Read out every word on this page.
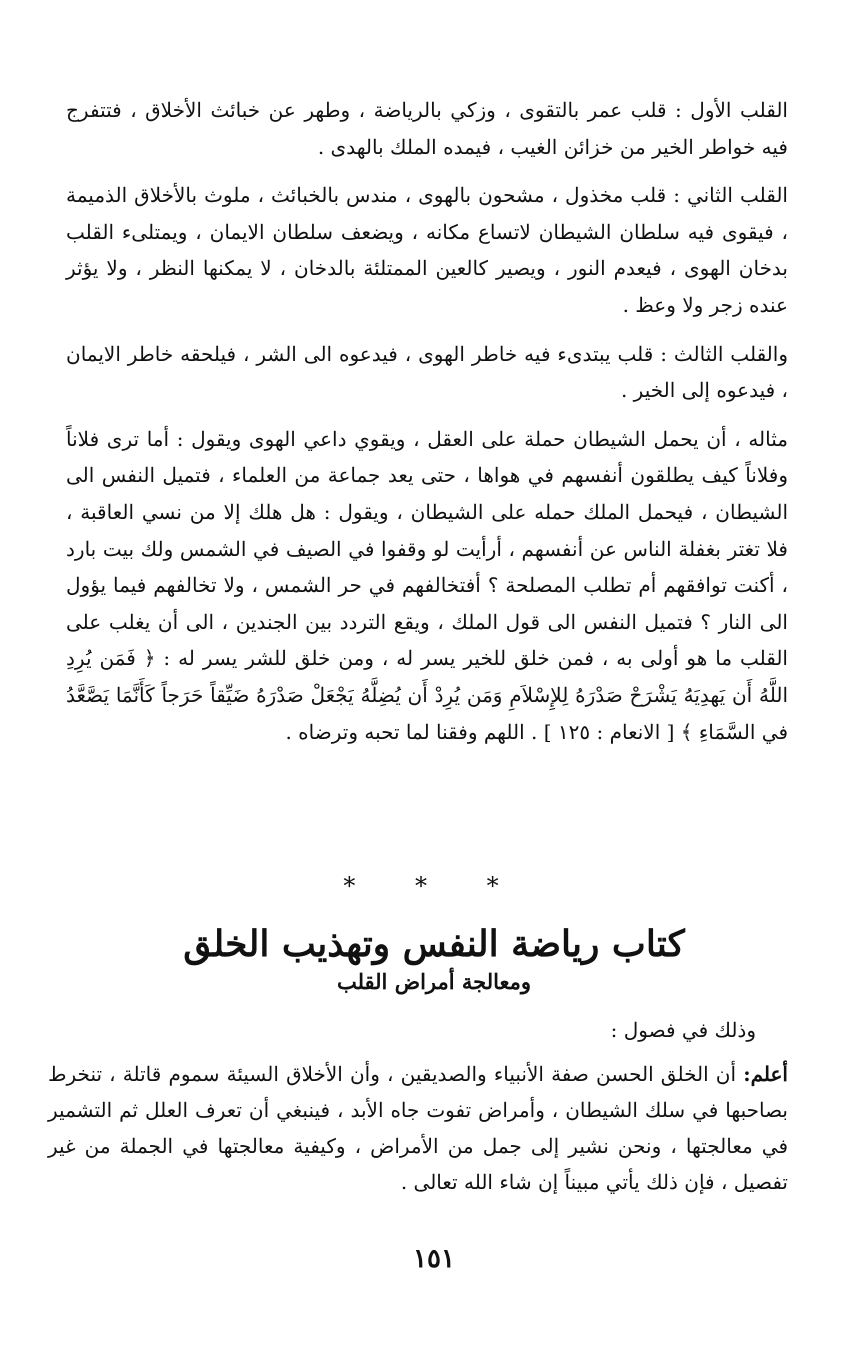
القلب الأول : قلب عمر بالتقوى ، وزكي بالرياضة ، وطهر عن خبائث الأخلاق ، فتتفرج فيه خواطر الخير من خزائن الغيب ، فيمده الملك بالهدى .

القلب الثاني : قلب مخذول ، مشحون بالهوى ، مندس بالخبائث ، ملوث بالأخلاق الذميمة ، فيقوى فيه سلطان الشيطان لاتساع مكانه ، ويضعف سلطان الايمان ، ويمتلىء القلب بدخان الهوى ، فيعدم النور ، ويصير كالعين الممتلئة بالدخان ، لا يمكنها النظر ، ولا يؤثر عنده زجر ولا وعظ .

والقلب الثالث : قلب يبتدىء فيه خاطر الهوى ، فيدعوه الى الشر ، فيلحقه خاطر الايمان ، فيدعوه إلى الخير .

مثاله ، أن يحمل الشيطان حملة على العقل ، ويقوي داعي الهوى ويقول : أما ترى فلاناً وفلاناً كيف يطلقون أنفسهم في هواها ، حتى يعد جماعة من العلماء ، فتميل النفس الى الشيطان ، فيحمل الملك حمله على الشيطان ، ويقول : هل هلك إلا من نسي العاقبة ، فلا تغتر بغفلة الناس عن أنفسهم ، أرأيت لو وقفوا في الصيف في الشمس ولك بيت بارد ، أكنت توافقهم أم تطلب المصلحة ؟ أفتخالفهم في حر الشمس ، ولا تخالفهم فيما يؤول الى النار ؟ فتميل النفس الى قول الملك ، ويقع التردد بين الجندين ، الى أن يغلب على القلب ما هو أولى به ، فمن خلق للخير يسر له ، ومن خلق للشر يسر له : ﴿ فَمَن يُرِدِ اللَّهُ أَن يَهدِيَهُ يَشْرَحْ صَدْرَهُ لِلإِسْلاَمِ وَمَن يُرِدْ أَن يُضِلَّهُ يَجْعَلْ صَدْرَهُ ضَيِّقاً حَرَجاً كَأَنَّمَا يَصَّعَّدُ في السَّمَاءِ ﴾ [ الانعام : ١٢٥ ] . اللهم وفقنا لما تحبه وترضاه .

* * *
كتاب رياضة النفس وتهذيب الخلق
ومعالجة أمراض القلب
وذلك في فصول :
أعلم: أن الخلق الحسن صفة الأنبياء والصديقين ، وأن الأخلاق السيئة سموم قاتلة ، تنخرط بصاحبها في سلك الشيطان ، وأمراض تفوت جاه الأبد ، فينبغي أن تعرف العلل ثم التشمير في معالجتها ، ونحن نشير إلى جمل من الأمراض ، وكيفية معالجتها في الجملة من غير تفصيل ، فإن ذلك يأتي مبيناً إن شاء الله تعالى .
١٥١
